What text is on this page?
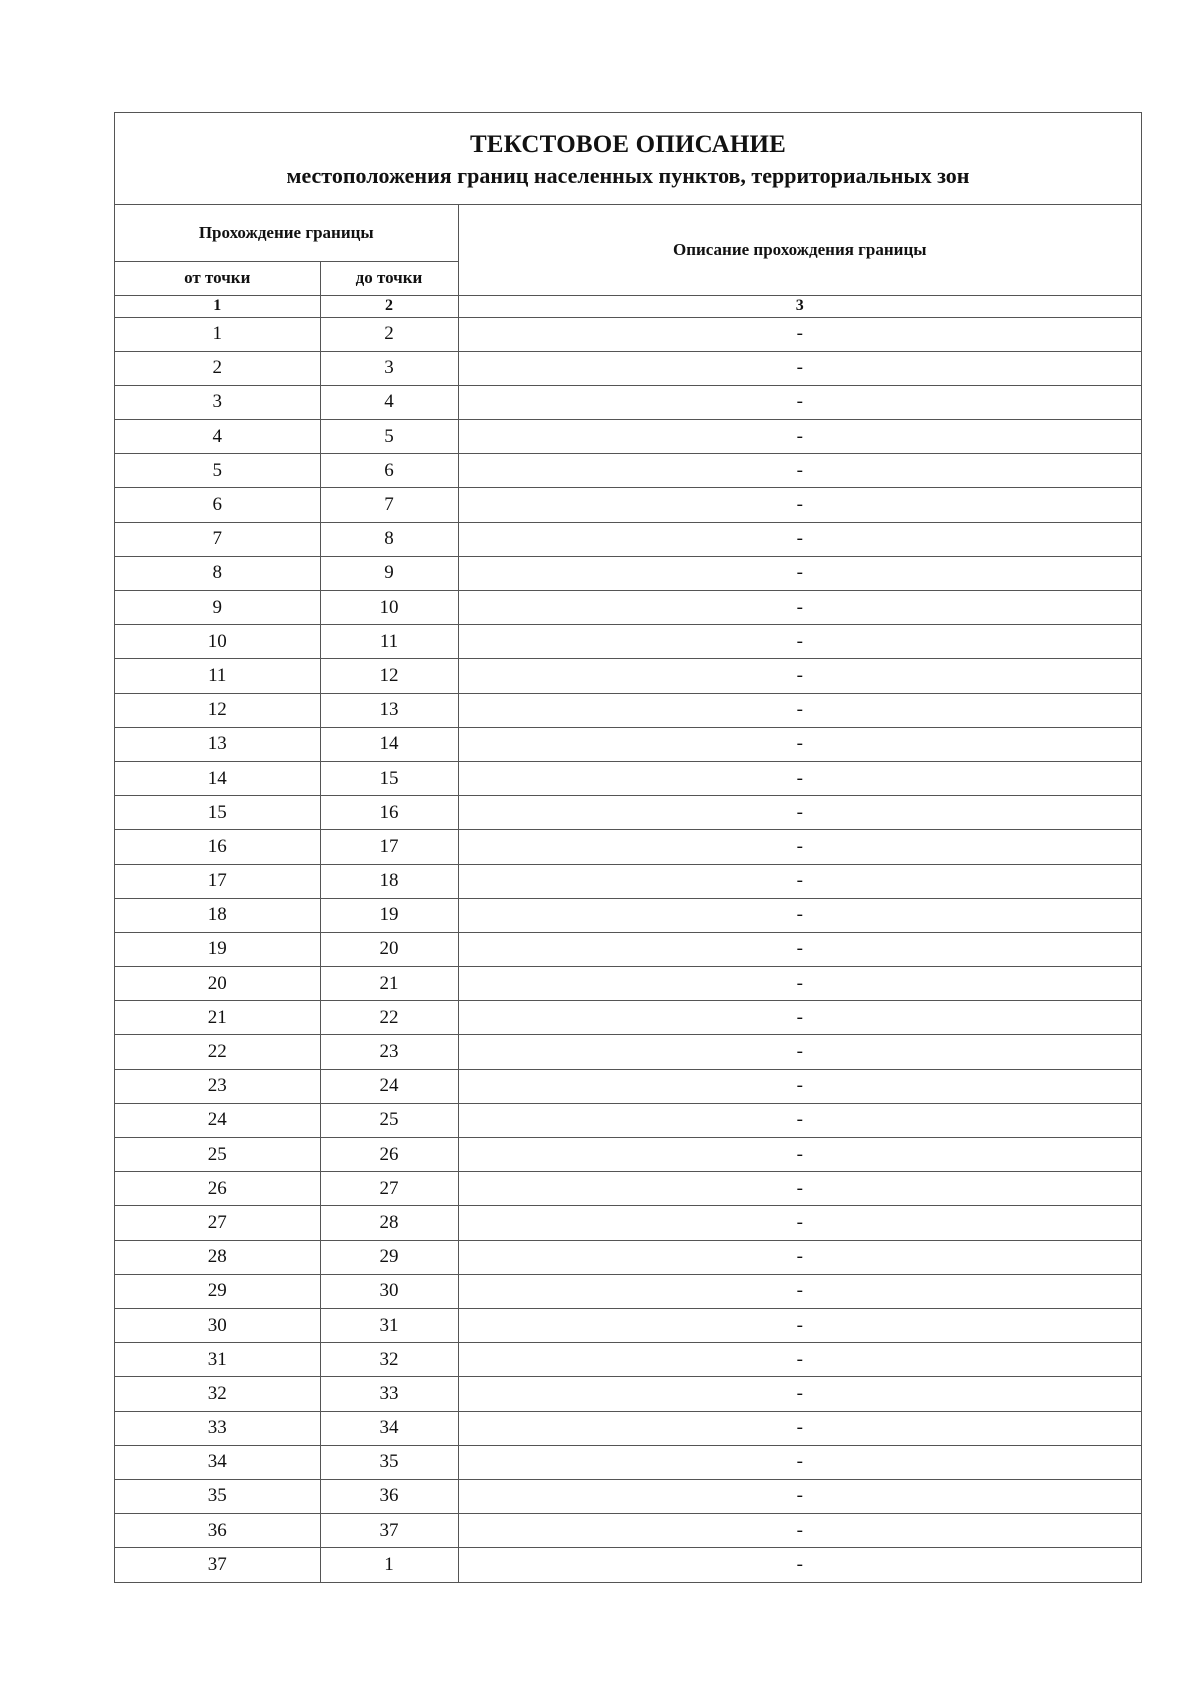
ТЕКСТОВОЕ ОПИСАНИЕ
местоположения границ населенных пунктов, территориальных зон
Прохождение границы		Описание прохождения границы
от точки	до точки	
1	2	3
1	2	-
2	3	-
3	4	-
4	5	-
5	6	-
6	7	-
7	8	-
8	9	-
9	10	-
10	11	-
11	12	-
12	13	-
13	14	-
14	15	-
15	16	-
16	17	-
17	18	-
18	19	-
19	20	-
20	21	-
21	22	-
22	23	-
23	24	-
24	25	-
25	26	-
26	27	-
27	28	-
28	29	-
29	30	-
30	31	-
31	32	-
32	33	-
33	34	-
34	35	-
35	36	-
36	37	-
37	1	-
